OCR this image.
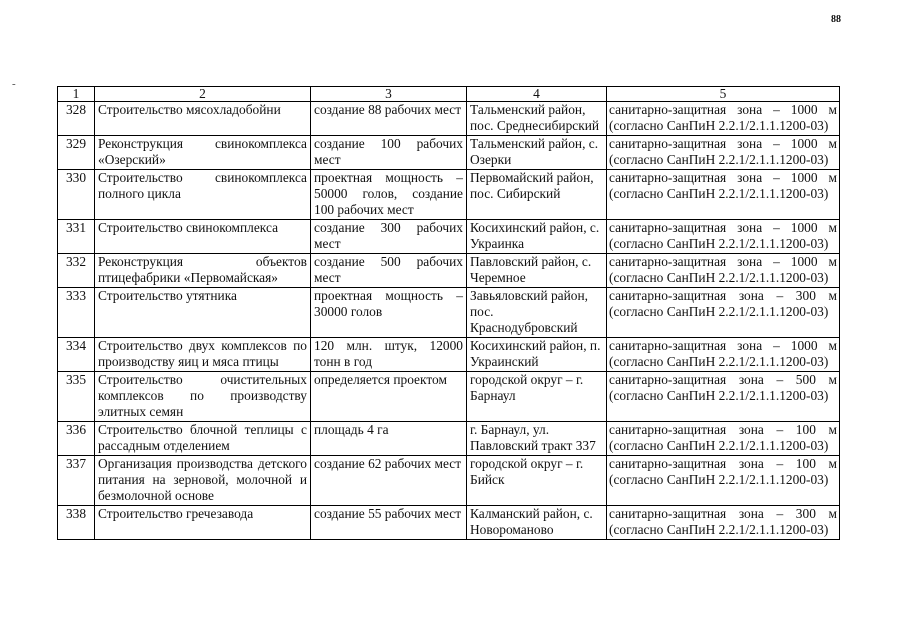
88
-
1	2	3	4	5
328	Строительство мясохладобойни	создание 88 рабочих мест	Тальменский район, пос. Среднесибирский	санитарно-защитная зона – 1000 м (согласно СанПиН 2.2.1/2.1.1.1200-03)
329	Реконструкция свинокомплекса «Озерский»	создание 100 рабочих мест	Тальменский район, с. Озерки	санитарно-защитная зона – 1000 м (согласно СанПиН 2.2.1/2.1.1.1200-03)
330	Строительство свинокомплекса полного цикла	проектная мощность – 50000 голов, создание 100 рабочих мест	Первомайский район, пос. Сибирский	санитарно-защитная зона – 1000 м (согласно СанПиН 2.2.1/2.1.1.1200-03)
331	Строительство свинокомплекса	создание 300 рабочих мест	Косихинский район, с. Украинка	санитарно-защитная зона – 1000 м (согласно СанПиН 2.2.1/2.1.1.1200-03)
332	Реконструкция объектов птицефабрики «Первомайская»	создание 500 рабочих мест	Павловский район, с. Черемное	санитарно-защитная зона – 1000 м (согласно СанПиН 2.2.1/2.1.1.1200-03)
333	Строительство утятника	проектная мощность – 30000 голов	Завьяловский район, пос. Краснодубровский	санитарно-защитная зона – 300 м (согласно СанПиН 2.2.1/2.1.1.1200-03)
334	Строительство двух комплексов по производству яиц и мяса птицы	120 млн. штук, 12000 тонн в год	Косихинский район, п. Украинский	санитарно-защитная зона – 1000 м (согласно СанПиН 2.2.1/2.1.1.1200-03)
335	Строительство очистительных комплексов по производству элитных семян	определяется проектом	городской округ – г. Барнаул	санитарно-защитная зона – 500 м (согласно СанПиН 2.2.1/2.1.1.1200-03)
336	Строительство блочной теплицы с рассадным отделением	площадь 4 га	г. Барнаул, ул. Павловский тракт 337	санитарно-защитная зона – 100 м (согласно СанПиН 2.2.1/2.1.1.1200-03)
337	Организация производства детского питания на зерновой, молочной и безмолочной основе	создание 62 рабочих мест	городской округ – г. Бийск	санитарно-защитная зона – 100 м (согласно СанПиН 2.2.1/2.1.1.1200-03)
338	Строительство гречезавода	создание 55 рабочих мест	Калманский район, с. Новороманово	санитарно-защитная зона – 300 м (согласно СанПиН 2.2.1/2.1.1.1200-03)
